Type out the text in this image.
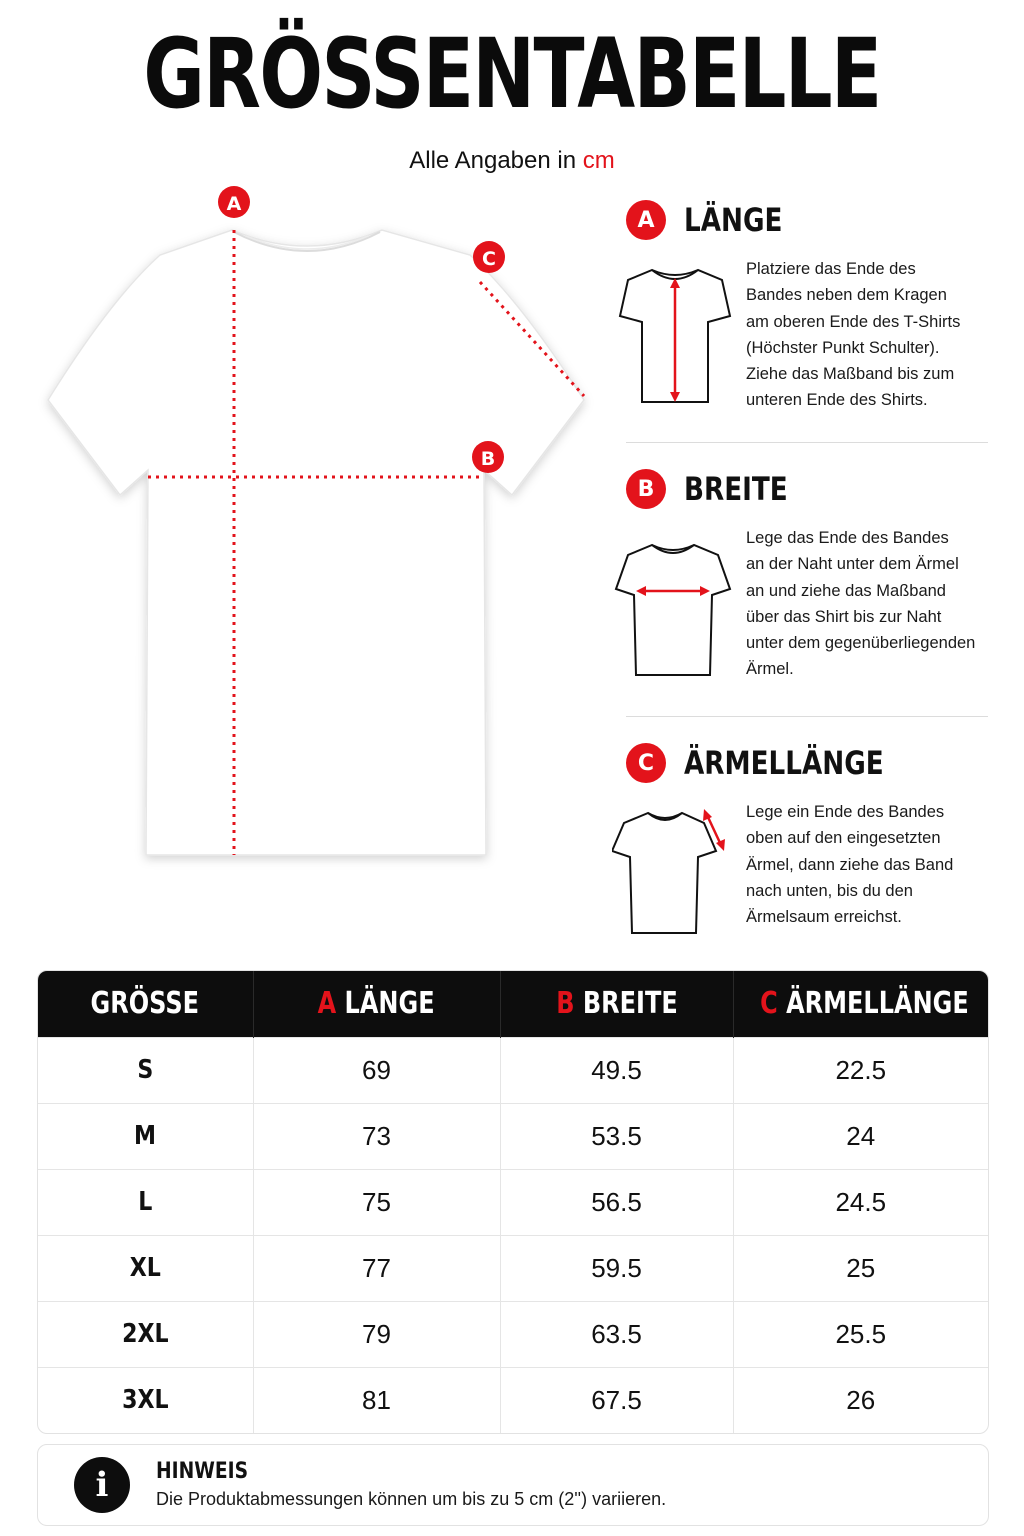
GRÖSSENTABELLE
Alle Angaben in cm
A
B
C
A LÄNGE
Platziere das Ende des
Bandes neben dem Kragen
am oberen Ende des T-Shirts
(Höchster Punkt Schulter).
Ziehe das Maßband bis zum
unteren Ende des Shirts.
B BREITE
Lege das Ende des Bandes
an der Naht unter dem Ärmel
an und ziehe das Maßband
über das Shirt bis zur Naht
unter dem gegenüberliegenden
Ärmel.
C ÄRMELLÄNGE
Lege ein Ende des Bandes
oben auf den eingesetzten
Ärmel, dann ziehe das Band
nach unten, bis du den
Ärmelsaum erreichst.
GRÖSSE	A LÄNGE	B BREITE	C ÄRMELLÄNGE
S	69	49.5	22.5
M	73	53.5	24
L	75	56.5	24.5
XL	77	59.5	25
2XL	79	63.5	25.5
3XL	81	67.5	26
i	HINWEIS
Die Produktabmessungen können um bis zu 5 cm (2'') variieren.
